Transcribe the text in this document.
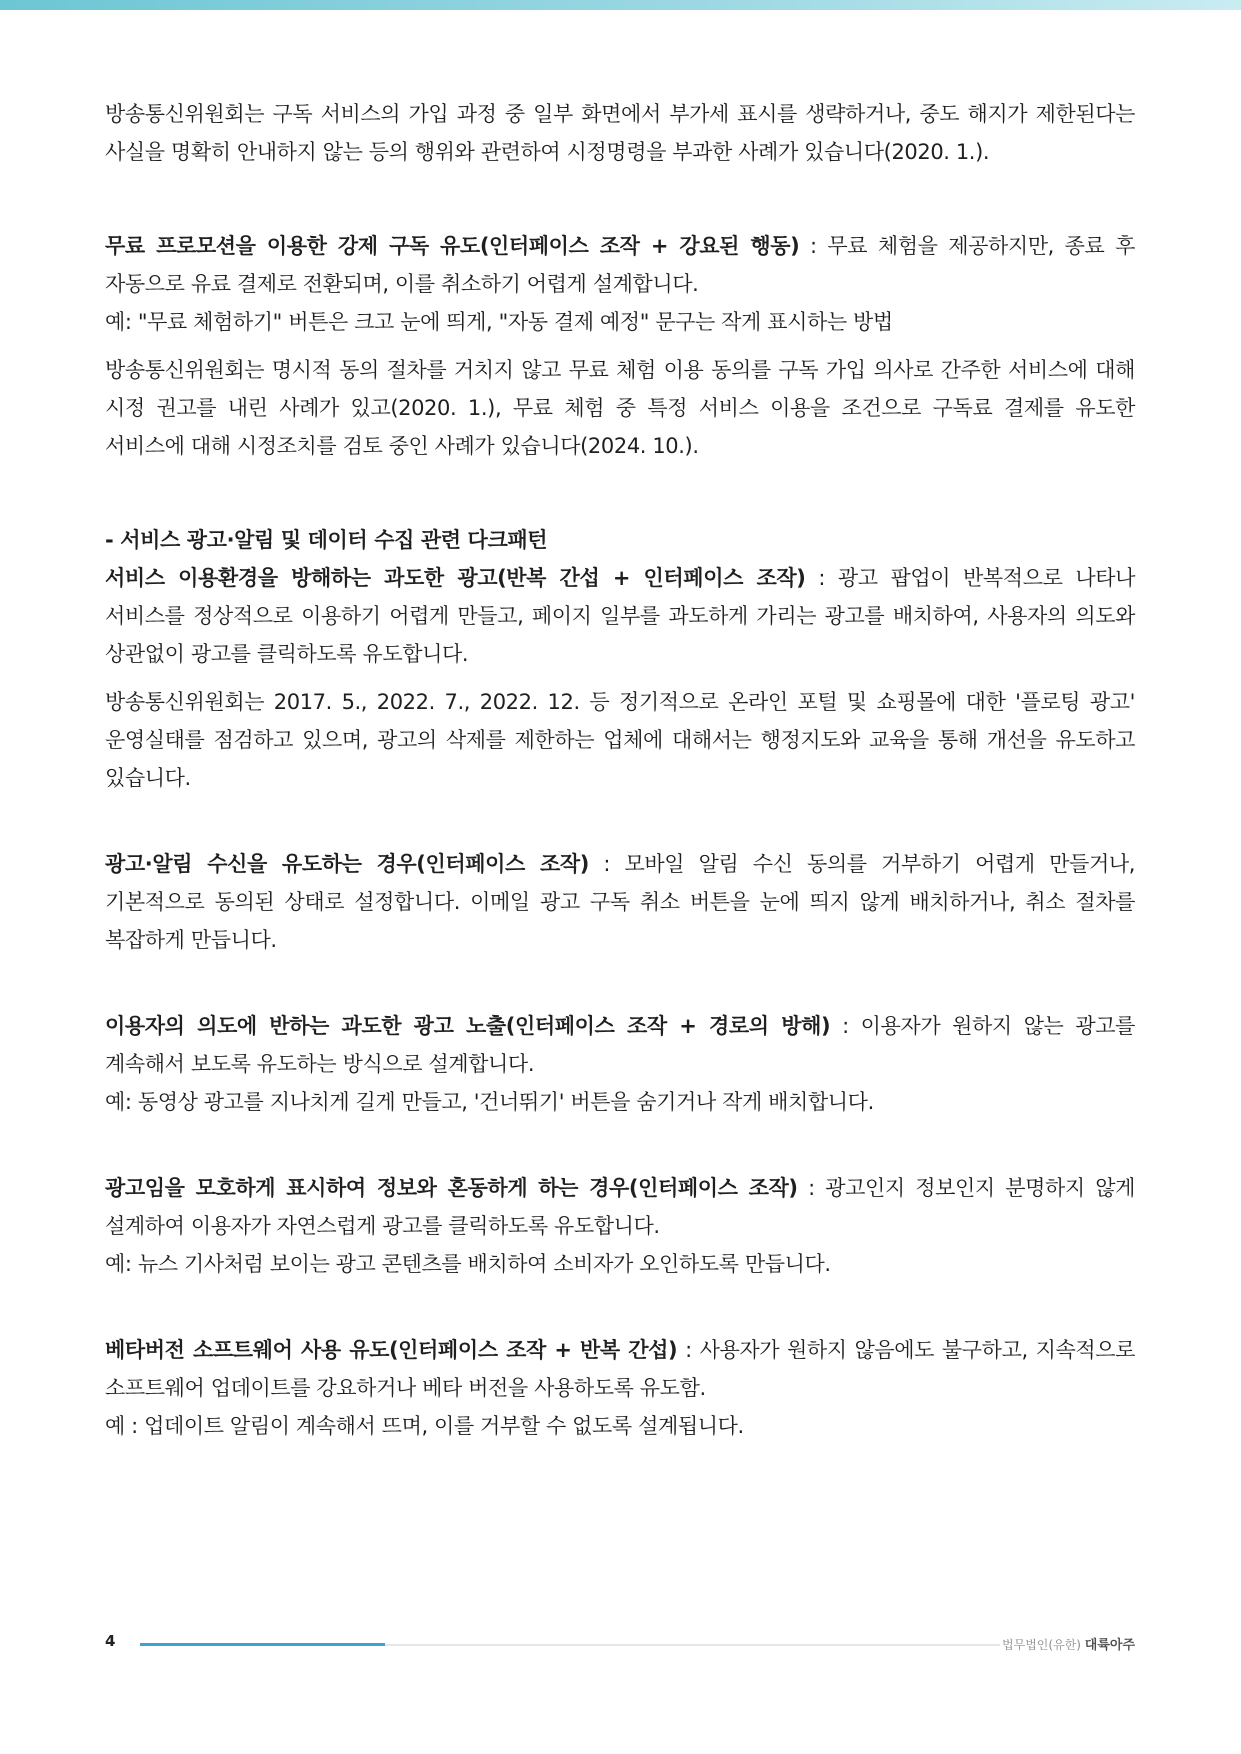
방송통신위원회는 구독 서비스의 가입 과정 중 일부 화면에서 부가세 표시를 생략하거나, 중도 해지가 제한된다는 사실을 명확히 안내하지 않는 등의 행위와 관련하여 시정명령을 부과한 사례가 있습니다(2020. 1.).

무료 프로모션을 이용한 강제 구독 유도(인터페이스 조작 + 강요된 행동) : 무료 체험을 제공하지만, 종료 후 자동으로 유료 결제로 전환되며, 이를 취소하기 어렵게 설계합니다.

예: "무료 체험하기" 버튼은 크고 눈에 띄게, "자동 결제 예정" 문구는 작게 표시하는 방법

방송통신위원회는 명시적 동의 절차를 거치지 않고 무료 체험 이용 동의를 구독 가입 의사로 간주한 서비스에 대해 시정 권고를 내린 사례가 있고(2020. 1.), 무료 체험 중 특정 서비스 이용을 조건으로 구독료 결제를 유도한 서비스에 대해 시정조치를 검토 중인 사례가 있습니다(2024. 10.).

- 서비스 광고·알림 및 데이터 수집 관련 다크패턴

서비스 이용환경을 방해하는 과도한 광고(반복 간섭 + 인터페이스 조작) : 광고 팝업이 반복적으로 나타나 서비스를 정상적으로 이용하기 어렵게 만들고, 페이지 일부를 과도하게 가리는 광고를 배치하여, 사용자의 의도와 상관없이 광고를 클릭하도록 유도합니다.

방송통신위원회는 2017. 5., 2022. 7., 2022. 12. 등 정기적으로 온라인 포털 및 쇼핑몰에 대한 '플로팅 광고' 운영실태를 점검하고 있으며, 광고의 삭제를 제한하는 업체에 대해서는 행정지도와 교육을 통해 개선을 유도하고 있습니다.

광고·알림 수신을 유도하는 경우(인터페이스 조작) : 모바일 알림 수신 동의를 거부하기 어렵게 만들거나, 기본적으로 동의된 상태로 설정합니다. 이메일 광고 구독 취소 버튼을 눈에 띄지 않게 배치하거나, 취소 절차를 복잡하게 만듭니다.

이용자의 의도에 반하는 과도한 광고 노출(인터페이스 조작 + 경로의 방해) : 이용자가 원하지 않는 광고를 계속해서 보도록 유도하는 방식으로 설계합니다.

예: 동영상 광고를 지나치게 길게 만들고, '건너뛰기' 버튼을 숨기거나 작게 배치합니다.

광고임을 모호하게 표시하여 정보와 혼동하게 하는 경우(인터페이스 조작) : 광고인지 정보인지 분명하지 않게 설계하여 이용자가 자연스럽게 광고를 클릭하도록 유도합니다.

예: 뉴스 기사처럼 보이는 광고 콘텐츠를 배치하여 소비자가 오인하도록 만듭니다.

베타버전 소프트웨어 사용 유도(인터페이스 조작 + 반복 간섭) : 사용자가 원하지 않음에도 불구하고, 지속적으로 소프트웨어 업데이트를 강요하거나 베타 버전을 사용하도록 유도함.

예 : 업데이트 알림이 계속해서 뜨며, 이를 거부할 수 없도록 설계됩니다.

4	법무법인(유한) 대륙아주
